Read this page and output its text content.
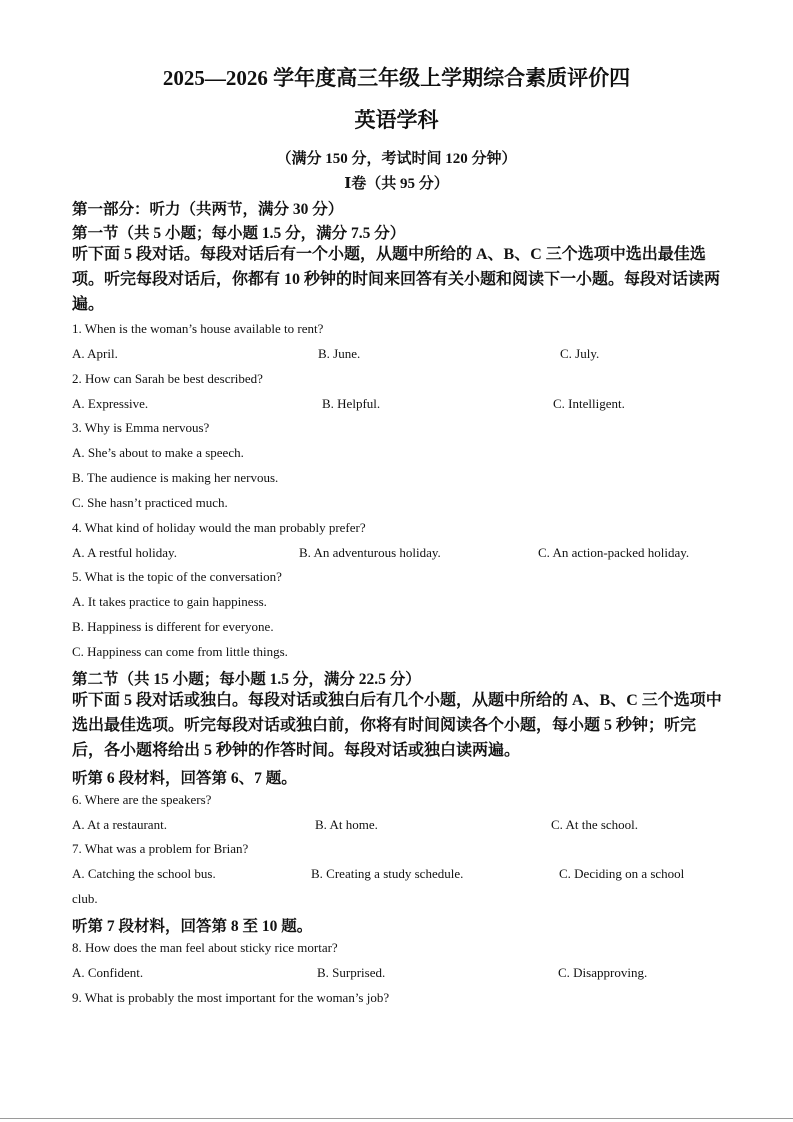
2025—2026 学年度高三年级上学期综合素质评价四
英语学科
（满分 150 分，考试时间 120 分钟）
Ⅰ卷（共 95 分）
第一部分：听力（共两节，满分 30 分）
第一节（共 5 小题；每小题 1.5 分，满分 7.5 分）
听下面 5 段对话。每段对话后有一个小题，从题中所给的 A、B、C 三个选项中选出最佳选项。听完每段对话后，你都有 10 秒钟的时间来回答有关小题和阅读下一小题。每段对话读两遍。
1. When is the woman’s house available to rent?
A. April.	B. June.	C. July.
2. How can Sarah be best described?
A. Expressive.	B. Helpful.	C. Intelligent.
3. Why is Emma nervous?
A. She’s about to make a speech.
B. The audience is making her nervous.
C. She hasn’t practiced much.
4. What kind of holiday would the man probably prefer?
A. A restful holiday.	B. An adventurous holiday.	C. An action-packed holiday.
5. What is the topic of the conversation?
A. It takes practice to gain happiness.
B. Happiness is different for everyone.
C. Happiness can come from little things.
第二节（共 15 小题；每小题 1.5 分，满分 22.5 分）
听下面 5 段对话或独白。每段对话或独白后有几个小题，从题中所给的 A、B、C 三个选项中选出最佳选项。听完每段对话或独白前，你将有时间阅读各个小题，每小题 5 秒钟；听完后，各小题将给出 5 秒钟的作答时间。每段对话或独白读两遍。
听第 6 段材料，回答第 6、7 题。
6. Where are the speakers?
A. At a restaurant.	B. At home.	C. At the school.
7. What was a problem for Brian?
A. Catching the school bus.	B. Creating a study schedule.	C. Deciding on a school
club.
听第 7 段材料，回答第 8 至 10 题。
8. How does the man feel about sticky rice mortar?
A. Confident.	B. Surprised.	C. Disapproving.
9. What is probably the most important for the woman’s job?
